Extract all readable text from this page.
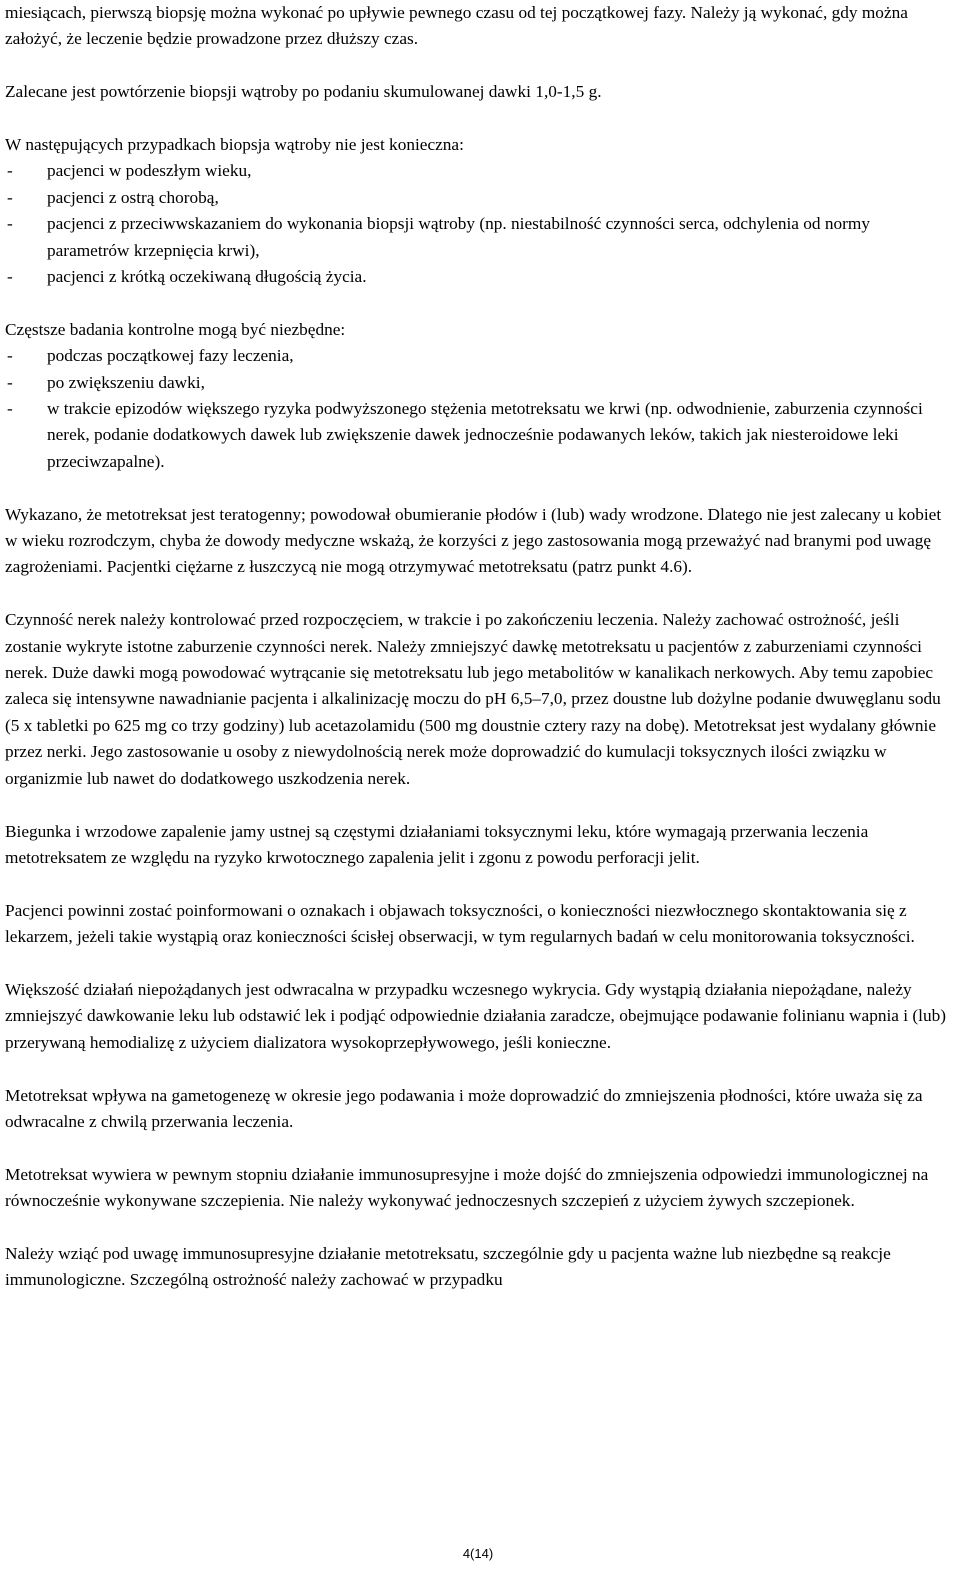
miesiącach, pierwszą biopsję można wykonać po upływie pewnego czasu od tej początkowej fazy. Należy ją wykonać, gdy można założyć, że leczenie będzie prowadzone przez dłuższy czas.

Zalecane jest powtórzenie biopsji wątroby po podaniu skumulowanej dawki 1,0-1,5 g.

W następujących przypadkach biopsja wątroby nie jest konieczna:

- pacjenci w podeszłym wieku,
- pacjenci z ostrą chorobą,
- pacjenci z przeciwwskazaniem do wykonania biopsji wątroby (np. niestabilność czynności serca, odchylenia od normy parametrów krzepnięcia krwi),
- pacjenci z krótką oczekiwaną długością życia.

Częstsze badania kontrolne mogą być niezbędne:

- podczas początkowej fazy leczenia,
- po zwiększeniu dawki,
- w trakcie epizodów większego ryzyka podwyższonego stężenia metotreksatu we krwi (np. odwodnienie, zaburzenia czynności nerek, podanie dodatkowych dawek lub zwiększenie dawek jednocześnie podawanych leków, takich jak niesteroidowe leki przeciwzapalne).

Wykazano, że metotreksat jest teratogenny; powodował obumieranie płodów i (lub) wady wrodzone. Dlatego nie jest zalecany u kobiet w wieku rozrodczym, chyba że dowody medyczne wskażą, że korzyści z jego zastosowania mogą przeważyć nad branymi pod uwagę zagrożeniami. Pacjentki ciężarne z łuszczycą nie mogą otrzymywać metotreksatu (patrz punkt 4.6).

Czynność nerek należy kontrolować przed rozpoczęciem, w trakcie i po zakończeniu leczenia. Należy zachować ostrożność, jeśli zostanie wykryte istotne zaburzenie czynności nerek. Należy zmniejszyć dawkę metotreksatu u pacjentów z zaburzeniami czynności nerek. Duże dawki mogą powodować wytrącanie się metotreksatu lub jego metabolitów w kanalikach nerkowych. Aby temu zapobiec zaleca się intensywne nawadnianie pacjenta i alkalinizację moczu do pH 6,5–7,0, przez doustne lub dożylne podanie dwuwęglanu sodu (5 x tabletki po 625 mg co trzy godziny) lub acetazolamidu (500 mg doustnie cztery razy na dobę). Metotreksat jest wydalany głównie przez nerki. Jego zastosowanie u osoby z niewydolnością nerek może doprowadzić do kumulacji toksycznych ilości związku w organizmie lub nawet do dodatkowego uszkodzenia nerek.

Biegunka i wrzodowe zapalenie jamy ustnej są częstymi działaniami toksycznymi leku, które wymagają przerwania leczenia metotreksatem ze względu na ryzyko krwotocznego zapalenia jelit i zgonu z powodu perforacji jelit.

Pacjenci powinni zostać poinformowani o oznakach i objawach toksyczności, o konieczności niezwłocznego skontaktowania się z lekarzem, jeżeli takie wystąpią oraz konieczności ścisłej obserwacji, w tym regularnych badań w celu monitorowania toksyczności.

Większość działań niepożądanych jest odwracalna w przypadku wczesnego wykrycia. Gdy wystąpią działania niepożądane, należy zmniejszyć dawkowanie leku lub odstawić lek i podjąć odpowiednie działania zaradcze, obejmujące podawanie folinianu wapnia i (lub) przerywaną hemodializę z użyciem dializatora wysokoprzepływowego, jeśli konieczne.

Metotreksat wpływa na gametogenezę w okresie jego podawania i może doprowadzić do zmniejszenia płodności, które uważa się za odwracalne z chwilą przerwania leczenia.

Metotreksat wywiera w pewnym stopniu działanie immunosupresyjne i może dojść do zmniejszenia odpowiedzi immunologicznej na równocześnie wykonywane szczepienia. Nie należy wykonywać jednoczesnych szczepień z użyciem żywych szczepionek.

Należy wziąć pod uwagę immunosupresyjne działanie metotreksatu, szczególnie gdy u pacjenta ważne lub niezbędne są reakcje immunologiczne. Szczególną ostrożność należy zachować w przypadku

4(14)
